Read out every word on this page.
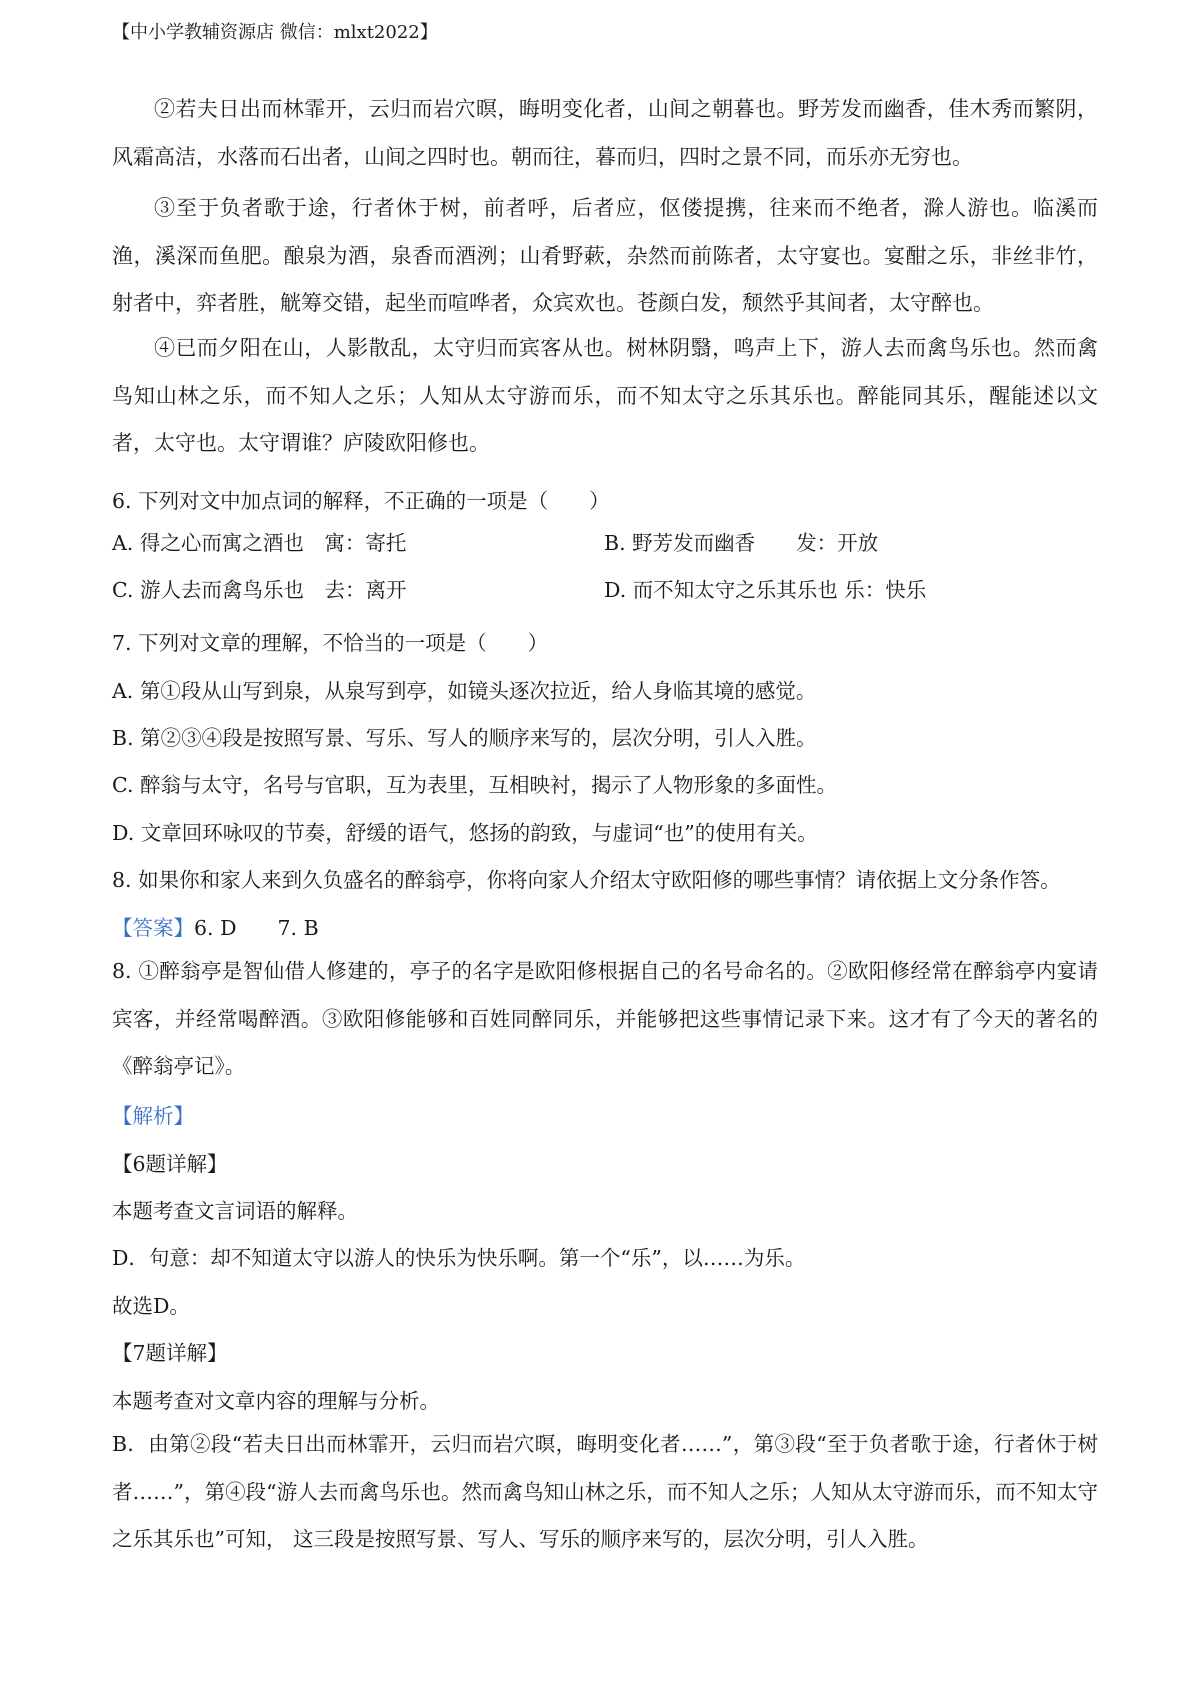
【中小学教辅资源店 微信：mlxt2022】
②若夫日出而林霏开，云归而岩穴暝，晦明变化者，山间之朝暮也。野芳发而幽香，佳木秀而繁阴，风霜高洁，水落而石出者，山间之四时也。朝而往，暮而归，四时之景不同，而乐亦无穷也。
③至于负者歌于途，行者休于树，前者呼，后者应，伛偻提携，往来而不绝者，滁人游也。临溪而渔，溪深而鱼肥。酿泉为酒，泉香而酒洌；山肴野蔌，杂然而前陈者，太守宴也。宴酣之乐，非丝非竹，射者中，弈者胜，觥筹交错，起坐而喧哗者，众宾欢也。苍颜白发，颓然乎其间者，太守醉也。
④已而夕阳在山，人影散乱，太守归而宾客从也。树林阴翳，鸣声上下，游人去而禽鸟乐也。然而禽鸟知山林之乐，而不知人之乐；人知从太守游而乐，而不知太守之乐其乐也。醉能同其乐，醒能述以文者，太守也。太守谓谁？庐陵欧阳修也。
6. 下列对文中加点词的解释，不正确的一项是（　　）
A. 得之心而寓之酒也　寓：寄托	B. 野芳发而幽香　　发：开放
C. 游人去而禽鸟乐也　去：离开	D. 而不知太守之乐其乐也 乐：快乐
7. 下列对文章的理解，不恰当的一项是（　　）
A. 第①段从山写到泉，从泉写到亭，如镜头逐次拉近，给人身临其境的感觉。
B. 第②③④段是按照写景、写乐、写人的顺序来写的，层次分明，引人入胜。
C. 醉翁与太守，名号与官职，互为表里，互相映衬，揭示了人物形象的多面性。
D. 文章回环咏叹的节奏，舒缓的语气，悠扬的韵致，与虚词“也”的使用有关。
8. 如果你和家人来到久负盛名的醉翁亭，你将向家人介绍太守欧阳修的哪些事情？请依据上文分条作答。
【答案】6. D　　7. B
8. ①醉翁亭是智仙借人修建的，亭子的名字是欧阳修根据自己的名号命名的。②欧阳修经常在醉翁亭内宴请宾客，并经常喝醉酒。③欧阳修能够和百姓同醉同乐，并能够把这些事情记录下来。这才有了今天的著名的《醉翁亭记》。
【解析】
【6题详解】
本题考查文言词语的解释。
D．句意：却不知道太守以游人的快乐为快乐啊。第一个“乐”，以……为乐。
故选D。
【7题详解】
本题考查对文章内容的理解与分析。
B．由第②段“若夫日出而林霏开，云归而岩穴暝，晦明变化者……”，第③段“至于负者歌于途，行者休于树者……”，第④段“游人去而禽鸟乐也。然而禽鸟知山林之乐，而不知人之乐；人知从太守游而乐，而不知太守之乐其乐也”可知， 这三段是按照写景、写人、写乐的顺序来写的，层次分明，引人入胜。
